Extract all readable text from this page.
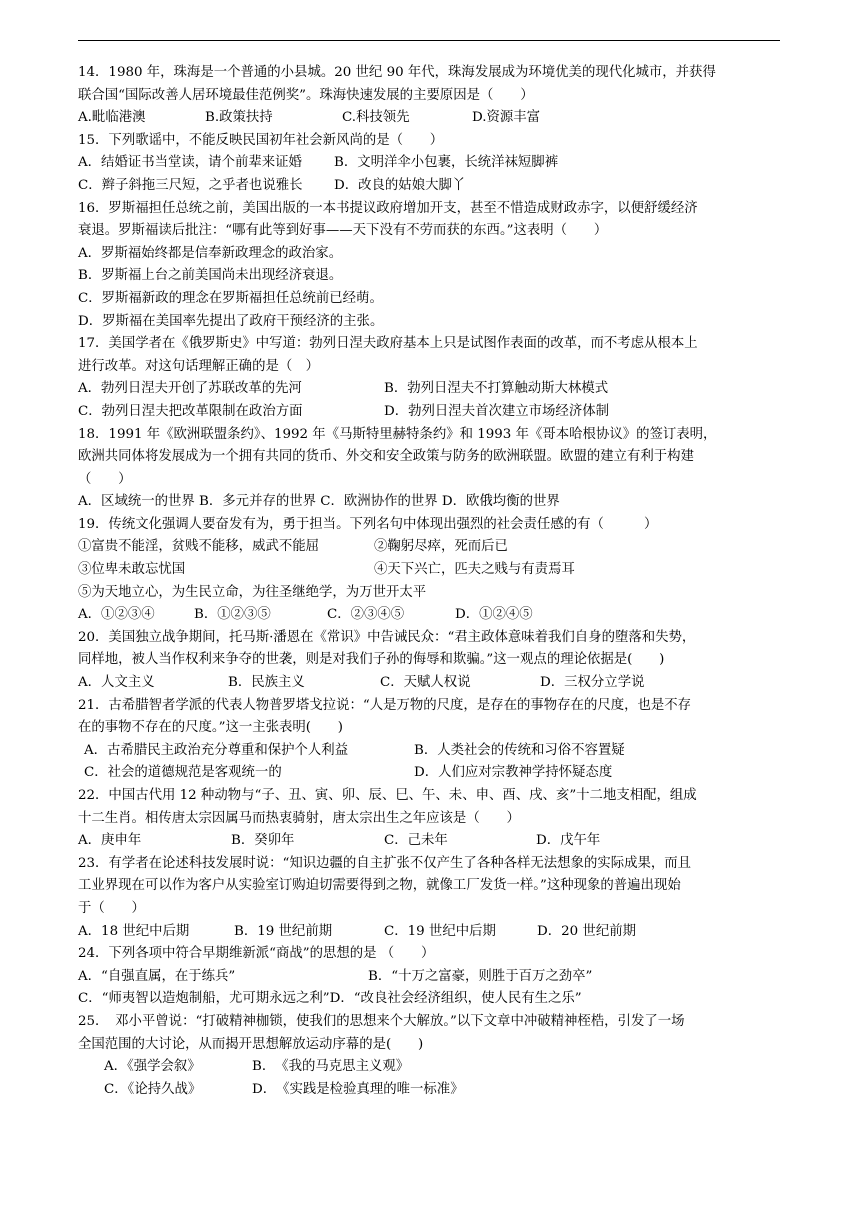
14．1980 年，珠海是一个普通的小县城。20 世纪 90 年代，珠海发展成为环境优美的现代化城市，并获得
联合国“国际改善人居环境最佳范例奖”。珠海快速发展的主要原因是（　　）
A.毗临港澳	B.政策扶持	C.科技领先	D.资源丰富
15．下列歌谣中，不能反映民国初年社会新风尚的是（　　）
A．结婚证书当堂读，请个前辈来证婚 B．文明洋伞小包裹，长统洋袜短脚裤
C．辫子斜拖三尺短，之乎者也说雅长 D．改良的姑娘大脚丫
16．罗斯福担任总统之前，美国出版的一本书提议政府增加开支，甚至不惜造成财政赤字，以便舒缓经济
衰退。罗斯福读后批注：“哪有此等到好事——天下没有不劳而获的东西。”这表明（　　）
A．罗斯福始终都是信奉新政理念的政治家。
B．罗斯福上台之前美国尚未出现经济衰退。
C．罗斯福新政的理念在罗斯福担任总统前已经萌。
D．罗斯福在美国率先提出了政府干预经济的主张。
17．美国学者在《俄罗斯史》中写道：勃列日涅夫政府基本上只是试图作表面的改革，而不考虑从根本上
进行改革。对这句话理解正确的是（　）
A．勃列日涅夫开创了苏联改革的先河	B．勃列日涅夫不打算触动斯大林模式
C．勃列日涅夫把改革限制在政治方面	D．勃列日涅夫首次建立市场经济体制
18．1991 年《欧洲联盟条约》、1992 年《马斯特里赫特条约》和 1993 年《哥本哈根协议》的签订表明，
欧洲共同体将发展成为一个拥有共同的货币、外交和安全政策与防务的欧洲联盟。欧盟的建立有利于构建
（　　）
A．区域统一的世界 B．多元并存的世界 C．欧洲协作的世界 D．欧俄均衡的世界
19．传统文化强调人要奋发有为，勇于担当。下列名句中体现出强烈的社会责任感的有（　　　）
①富贵不能淫，贫贱不能移，威武不能屈	②鞠躬尽瘁，死而后已
③位卑未敢忘忧国	④天下兴亡，匹夫之贱与有责焉耳
⑤为天地立心，为生民立命，为往圣继绝学，为万世开太平
A．①②③④	B．①②③⑤	C．②③④⑤	D．①②④⑤
20．美国独立战争期间，托马斯·潘恩在《常识》中告诫民众：“君主政体意味着我们自身的堕落和失势，
同样地，被人当作权利来争夺的世袭，则是对我们子孙的侮辱和欺骗。”这一观点的理论依据是(　　)
A．人文主义	B．民族主义	C．天赋人权说	D．三权分立学说
21．古希腊智者学派的代表人物普罗塔戈拉说：“人是万物的尺度，是存在的事物存在的尺度，也是不存
在的事物不存在的尺度。”这一主张表明(　　)
A．古希腊民主政治充分尊重和保护个人利益	B．人类社会的传统和习俗不容置疑
C．社会的道德规范是客观统一的	D．人们应对宗教神学持怀疑态度
22．中国古代用 12 种动物与“子、丑、寅、卯、辰、巳、午、未、申、酉、戌、亥”十二地支相配，组成
十二生肖。相传唐太宗因属马而热衷骑射，唐太宗出生之年应该是（　　）
A．庚申年	B．癸卯年	C．己未年	D．戊午年
23．有学者在论述科技发展时说：“知识边疆的自主扩张不仅产生了各种各样无法想象的实际成果，而且
工业界现在可以作为客户从实验室订购迫切需要得到之物，就像工厂发货一样。”这种现象的普遍出现始
于（　　）
A．18 世纪中后期	B．19 世纪前期	C．19 世纪中后期	D．20 世纪前期
24．下列各项中符合早期维新派“商战”的思想的是 （　　）
A．“自强直属，在于练兵”	B．“十万之富豪，则胜于百万之劲卒”
C．“师夷智以造炮制船，尤可期永远之利”D．“改良社会经济组织，使人民有生之乐”
25．　邓小平曾说：“打破精神枷锁，使我们的思想来个大解放。”以下文章中冲破精神桎梏，引发了一场
全国范围的大讨论，从而揭开思想解放运动序幕的是(　　)
A．《强学会叙》	B．　《我的马克思主义观》
C．《论持久战》	D．　《实践是检验真理的唯一标准》
